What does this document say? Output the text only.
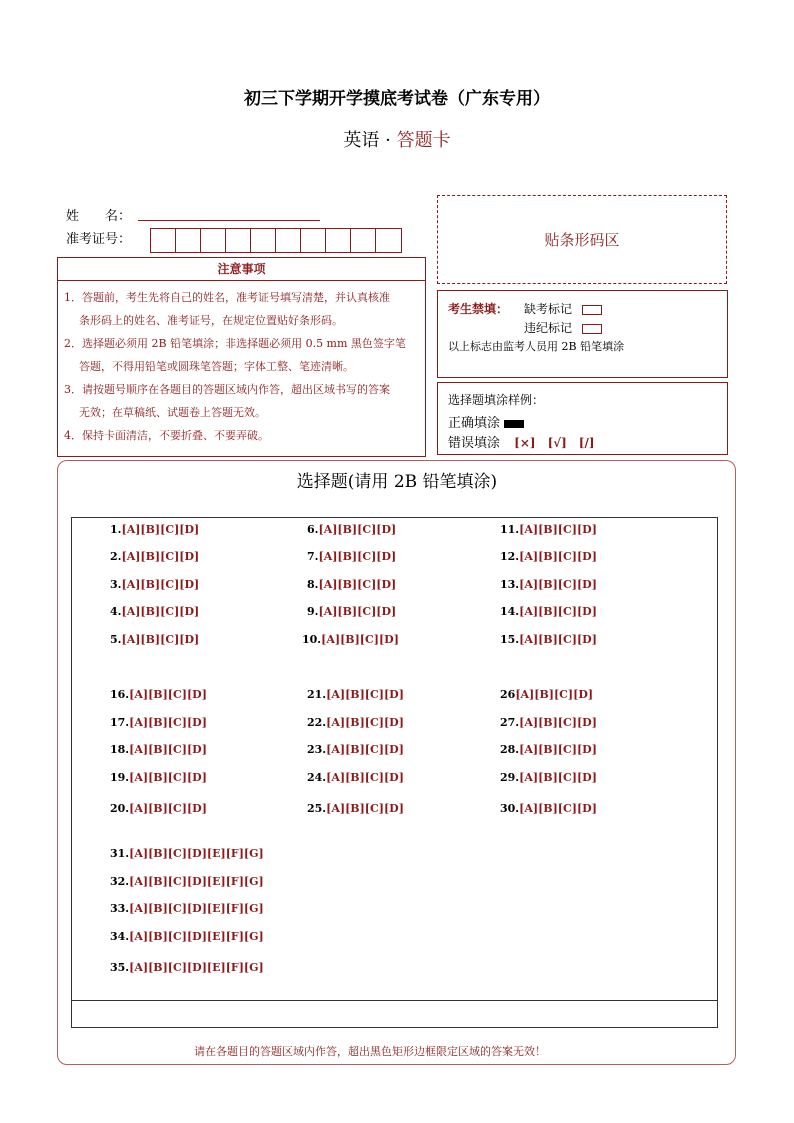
初三下学期开学摸底考试卷（广东专用）
英语 · 答题卡
姓　　名：
准考证号：	贴条形码区
注意事项

1．答题前，考生先将自己的姓名，准考证号填写清楚，并认真核准

条形码上的姓名、准考证号，在规定位置贴好条形码。

2．选择题必须用 2B 铅笔填涂；非选择题必须用 0.5 mm 黑色签字笔

答题，不得用铅笔或圆珠笔答题；字体工整、笔迹清晰。

3．请按题号顺序在各题目的答题区域内作答，超出区域书写的答案

无效；在草稿纸、试题卷上答题无效。

4．保持卡面清洁，不要折叠、不要弄破。

考生禁填： 缺考标记
违纪标记
以上标志由监考人员用 2B 铅笔填涂
选择题填涂样例：
正确填涂
错误填涂 [×]　[√]　[/]
选择题(请用 2B 铅笔填涂)
1.[A][B][C][D]
2.[A][B][C][D]
3.[A][B][C][D]
4.[A][B][C][D]
5.[A][B][C][D]
6.[A][B][C][D]
7.[A][B][C][D]
8.[A][B][C][D]
9.[A][B][C][D]
10.[A][B][C][D]
11.[A][B][C][D]
12.[A][B][C][D]
13.[A][B][C][D]
14.[A][B][C][D]
15.[A][B][C][D]
16.[A][B][C][D]
17.[A][B][C][D]
18.[A][B][C][D]
19.[A][B][C][D]
20.[A][B][C][D]
21.[A][B][C][D]
22.[A][B][C][D]
23.[A][B][C][D]
24.[A][B][C][D]
25.[A][B][C][D]
26[A][B][C][D]
27.[A][B][C][D]
28.[A][B][C][D]
29.[A][B][C][D]
30.[A][B][C][D]
31.[A][B][C][D][E][F][G]
32.[A][B][C][D][E][F][G]
33.[A][B][C][D][E][F][G]
34.[A][B][C][D][E][F][G]
35.[A][B][C][D][E][F][G]
请在各题目的答题区域内作答，超出黑色矩形边框限定区域的答案无效！
